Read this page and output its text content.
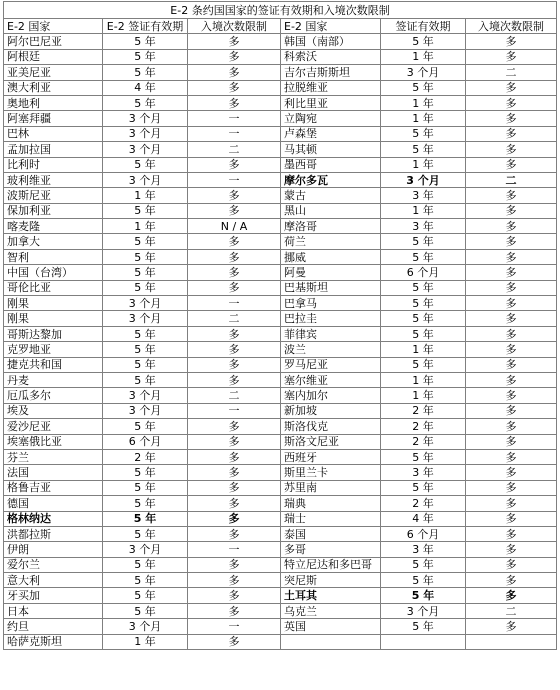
E-2 条约国国家的签证有效期和入境次数限制					
E-2 国家	E-2 签证有效期	入境次数限制	E-2 国家	签证有效期	入境次数限制
阿尔巴尼亚	5 年	多	韩国（南部）	5 年	多
阿根廷	5 年	多	科索沃	1 年	多
亚美尼亚	5 年	多	吉尔吉斯斯坦	3 个月	二
澳大利亚	4 年	多	拉脱维亚	5 年	多
奥地利	5 年	多	利比里亚	1 年	多
阿塞拜疆	3 个月	一	立陶宛	1 年	多
巴林	3 个月	一	卢森堡	5 年	多
孟加拉国	3 个月	二	马其顿	5 年	多
比利时	5 年	多	墨西哥	1 年	多
玻利维亚	3 个月	一	摩尔多瓦	3 个月	二
波斯尼亚	1 年	多	蒙古	3 年	多
保加利亚	5 年	多	黑山	1 年	多
喀麦隆	1 年	N / A	摩洛哥	3 年	多
加拿大	5 年	多	荷兰	5 年	多
智利	5 年	多	挪威	5 年	多
中国（台湾）	5 年	多	阿曼	6 个月	多
哥伦比亚	5 年	多	巴基斯坦	5 年	多
刚果	3 个月	一	巴拿马	5 年	多
刚果	3 个月	二	巴拉圭	5 年	多
哥斯达黎加	5 年	多	菲律宾	5 年	多
克罗地亚	5 年	多	波兰	1 年	多
捷克共和国	5 年	多	罗马尼亚	5 年	多
丹麦	5 年	多	塞尔维亚	1 年	多
厄瓜多尔	3 个月	二	塞内加尔	1 年	多
埃及	3 个月	一	新加坡	2 年	多
爱沙尼亚	5 年	多	斯洛伐克	2 年	多
埃塞俄比亚	6 个月	多	斯洛文尼亚	2 年	多
芬兰	2 年	多	西班牙	5 年	多
法国	5 年	多	斯里兰卡	3 年	多
格鲁吉亚	5 年	多	苏里南	5 年	多
德国	5 年	多	瑞典	2 年	多
格林纳达	5 年	多	瑞士	4 年	多
洪都拉斯	5 年	多	泰国	6 个月	多
伊朗	3 个月	一	多哥	3 年	多
爱尔兰	5 年	多	特立尼达和多巴哥	5 年	多
意大利	5 年	多	突尼斯	5 年	多
牙买加	5 年	多	土耳其	5 年	多
日本	5 年	多	乌克兰	3 个月	二
约旦	3 个月	一	英国	5 年	多
哈萨克斯坦	1 年	多			
